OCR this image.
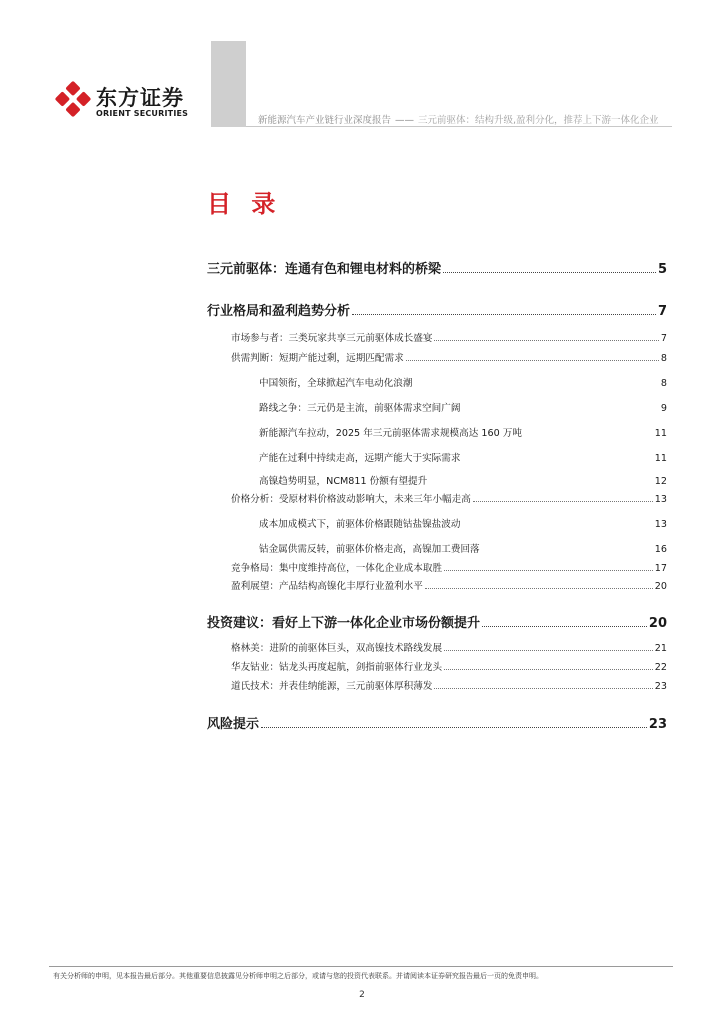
东方证券
ORIENT SECURITIES
新能源汽车产业链行业深度报告 —— 三元前驱体：结构升级,盈利分化，推荐上下游一体化企业
目 录
三元前驱体：连通有色和锂电材料的桥梁	5
行业格局和盈利趋势分析	7
市场参与者：三类玩家共享三元前驱体成长盛宴	7
供需判断：短期产能过剩，远期匹配需求	8
中国领衔，全球掀起汽车电动化浪潮	8
路线之争：三元仍是主流，前驱体需求空间广阔	9
新能源汽车拉动，2025 年三元前驱体需求规模高达 160 万吨	11
产能在过剩中持续走高，远期产能大于实际需求	11
高镍趋势明显，NCM811 份额有望提升	12
价格分析：受原材料价格波动影响大，未来三年小幅走高	13
成本加成模式下，前驱体价格跟随钴盐镍盐波动	13
钴金属供需反转，前驱体价格走高，高镍加工费回落	16
竞争格局：集中度维持高位，一体化企业成本取胜	17
盈利展望：产品结构高镍化丰厚行业盈利水平	20
投资建议：看好上下游一体化企业市场份额提升	20
格林美：进阶的前驱体巨头，双高镍技术路线发展	21
华友钴业：钴龙头再度起航，剑指前驱体行业龙头	22
道氏技术：并表佳纳能源，三元前驱体厚积薄发	23
风险提示	23
有关分析师的申明，见本报告最后部分。其他重要信息披露见分析师申明之后部分，或请与您的投资代表联系。并请阅读本证券研究报告最后一页的免责申明。
2
